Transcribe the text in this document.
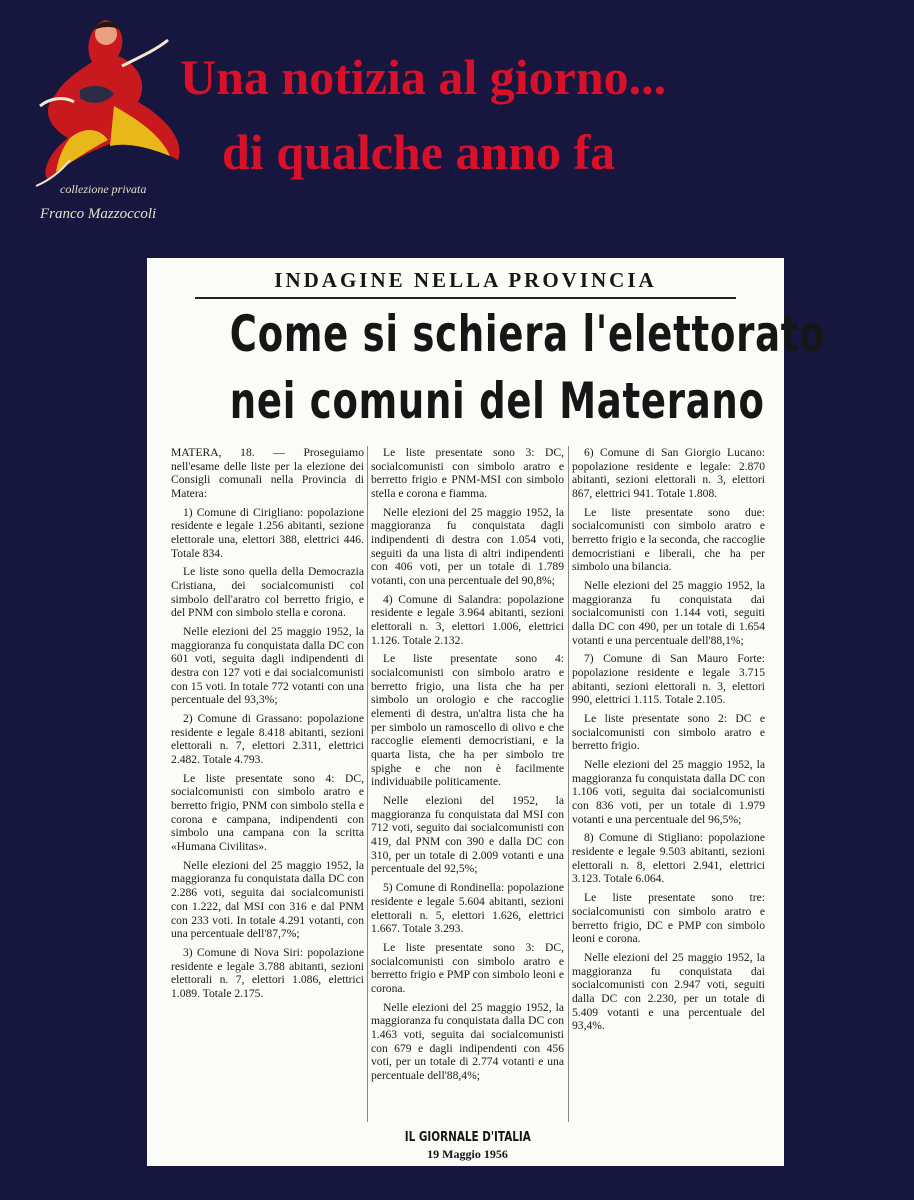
collezione privata
Franco Mazzoccoli
Una notizia al giorno...
di qualche anno fa
INDAGINE NELLA PROVINCIA
Come si schiera l'elettorato
nei comuni del Materano

MATERA, 18. — Proseguiamo nell'esame delle liste per la elezione dei Consigli comunali nella Provincia di Matera:

1) Comune di Cirigliano: popolazione residente e legale 1.256 abitanti, sezione elettorale una, elettori 388, elettrici 446. Totale 834.

Le liste sono quella della Democrazia Cristiana, dei socialcomunisti col simbolo dell'aratro col berretto frigio, e del PNM con simbolo stella e corona.

Nelle elezioni del 25 maggio 1952, la maggioranza fu conquistata dalla DC con 601 voti, seguita dagli indipendenti di destra con 127 voti e dai socialcomunisti con 15 voti. In totale 772 votanti con una percentuale del 93,3%;

2) Comune di Grassano: popolazione residente e legale 8.418 abitanti, sezioni elettorali n. 7, elettori 2.311, elettrici 2.482. Totale 4.793.

Le liste presentate sono 4: DC, socialcomunisti con simbolo aratro e berretto frigio, PNM con simbolo stella e corona e campana, indipendenti con simbolo una campana con la scritta «Humana Civilitas».

Nelle elezioni del 25 maggio 1952, la maggioranza fu conquistata dalla DC con 2.286 voti, seguita dai socialcomunisti con 1.222, dal MSI con 316 e dal PNM con 233 voti. In totale 4.291 votanti, con una percentuale dell'87,7%;

3) Comune di Nova Siri: popolazione residente e legale 3.788 abitanti, sezioni elettorali n. 7, elettori 1.086, elettrici 1.089. Totale 2.175.

Le liste presentate sono 3: DC, socialcomunisti con simbolo aratro e berretto frigio e PNM-MSI con simbolo stella e corona e fiamma.

Nelle elezioni del 25 maggio 1952, la maggioranza fu conquistata dagli indipendenti di destra con 1.054 voti, seguiti da una lista di altri indipendenti con 406 voti, per un totale di 1.789 votanti, con una percentuale del 90,8%;

4) Comune di Salandra: popolazione residente e legale 3.964 abitanti, sezioni elettorali n. 3, elettori 1.006, elettrici 1.126. Totale 2.132.

Le liste presentate sono 4: socialcomunisti con simbolo aratro e berretto frigio, una lista che ha per simbolo un orologio e che raccoglie elementi di destra, un'altra lista che ha per simbolo un ramoscello di olivo e che raccoglie elementi democristiani, e la quarta lista, che ha per simbolo tre spighe e che non è facilmente individuabile politicamente.

Nelle elezioni del 1952, la maggioranza fu conquistata dal MSI con 712 voti, seguito dai socialcomunisti con 419, dal PNM con 390 e dalla DC con 310, per un totale di 2.009 votanti e una percentuale del 92,5%;

5) Comune di Rondinella: popolazione residente e legale 5.604 abitanti, sezioni elettorali n. 5, elettori 1.626, elettrici 1.667. Totale 3.293.

Le liste presentate sono 3: DC, socialcomunisti con simbolo aratro e berretto frigio e PMP con simbolo leoni e corona.

Nelle elezioni del 25 maggio 1952, la maggioranza fu conquistata dalla DC con 1.463 voti, seguita dai socialcomunisti con 679 e dagli indipendenti con 456 voti, per un totale di 2.774 votanti e una percentuale dell'88,4%;

6) Comune di San Giorgio Lucano: popolazione residente e legale: 2.870 abitanti, sezioni elettorali n. 3, elettori 867, elettrici 941. Totale 1.808.

Le liste presentate sono due: socialcomunisti con simbolo aratro e berretto frigio e la seconda, che raccoglie democristiani e liberali, che ha per simbolo una bilancia.

Nelle elezioni del 25 maggio 1952, la maggioranza fu conquistata dai socialcomunisti con 1.144 voti, seguiti dalla DC con 490, per un totale di 1.654 votanti e una percentuale dell'88,1%;

7) Comune di San Mauro Forte: popolazione residente e legale 3.715 abitanti, sezioni elettorali n. 3, elettori 990, elettrici 1.115. Totale 2.105.

Le liste presentate sono 2: DC e socialcomunisti con simbolo aratro e berretto frigio.

Nelle elezioni del 25 maggio 1952, la maggioranza fu conquistata dalla DC con 1.106 voti, seguita dai socialcomunisti con 836 voti, per un totale di 1.979 votanti e una percentuale del 96,5%;

8) Comune di Stigliano: popolazione residente e legale 9.503 abitanti, sezioni elettorali n. 8, elettori 2.941, elettrici 3.123. Totale 6.064.

Le liste presentate sono tre: socialcomunisti con simbolo aratro e berretto frigio, DC e PMP con simbolo leoni e corona.

Nelle elezioni del 25 maggio 1952, la maggioranza fu conquistata dai socialcomunisti con 2.947 voti, seguiti dalla DC con 2.230, per un totale di 5.409 votanti e una percentuale del 93,4%.

IL GIORNALE D'ITALIA
19 Maggio 1956
